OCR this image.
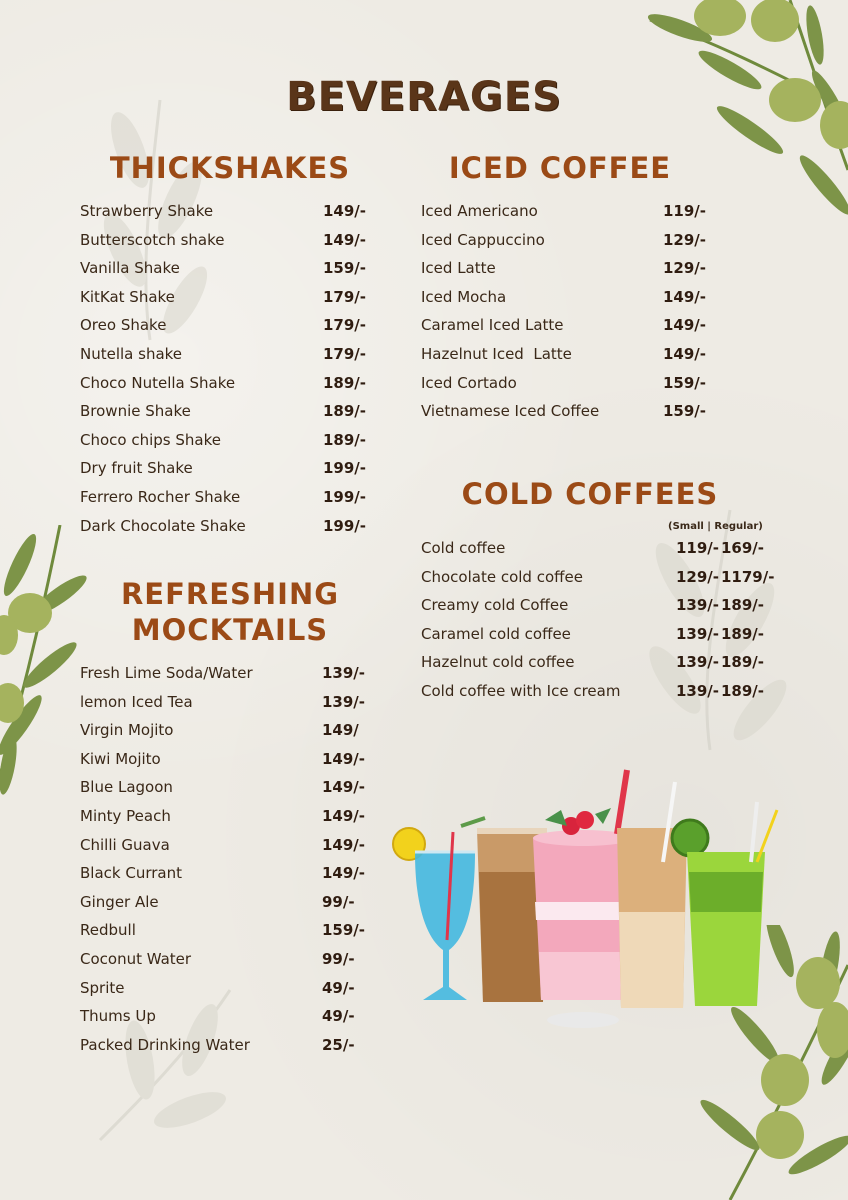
BEVERAGES
THICKSHAKES
Strawberry Shake	149/-
Butterscotch shake	149/-
Vanilla Shake	159/-
KitKat Shake	179/-
Oreo Shake	179/-
Nutella shake	179/-
Choco Nutella Shake	189/-
Brownie Shake	189/-
Choco chips Shake	189/-
Dry fruit Shake	199/-
Ferrero Rocher Shake	199/-
Dark Chocolate Shake	199/-
REFRESHING
MOCKTAILS
Fresh Lime Soda/Water	139/-
lemon Iced Tea	139/-
Virgin Mojito	149/
Kiwi Mojito	149/-
Blue Lagoon	149/-
Minty Peach	149/-
Chilli Guava	149/-
Black Currant	149/-
Ginger Ale	99/-
Redbull	159/-
Coconut Water	99/-
Sprite	49/-
Thums Up	49/-
Packed Drinking Water	25/-
ICED COFFEE
Iced Americano	119/-
Iced Cappuccino	129/-
Iced Latte	129/-
Iced Mocha	149/-
Caramel Iced Latte	149/-
Hazelnut Iced  Latte	149/-
Iced Cortado	159/-
Vietnamese Iced Coffee	159/-
COLD COFFEES
(Small | Regular)
Cold coffee	119/- 169/-
Chocolate cold coffee	129/- 1179/-
Creamy cold Coffee	139/- 189/-
Caramel cold coffee	139/- 189/-
Hazelnut cold coffee	139/- 189/-
Cold coffee with Ice cream	139/- 189/-
